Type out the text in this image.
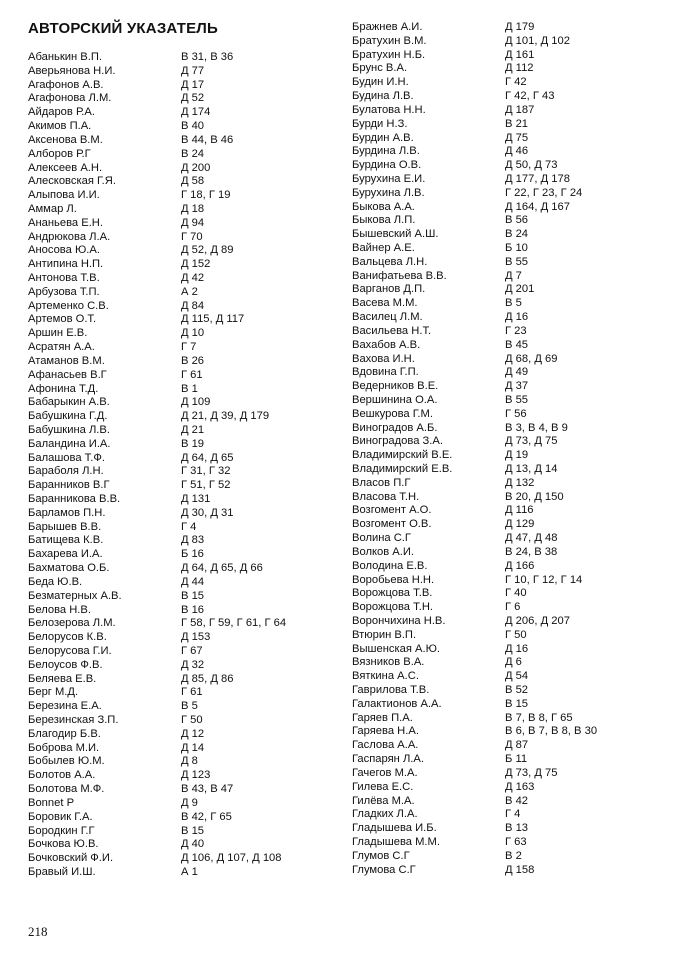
АВТОРСКИЙ УКАЗАТЕЛЬ
Абанькин В.П.	В 31, В 36
Аверьянова Н.И.	Д 77
Агафонов А.В.	Д 17
Агафонова Л.М.	Д 52
Айдаров Р.А.	Д 174
Акимов П.А.	В 40
Аксенова В.М.	В 44, В 46
Алборов Р.Г	В 24
Алексеев А.Н.	Д 200
Алесковская Г.Я.	Д 58
Алыпова И.И.	Г 18, Г 19
Аммар Л.	Д 18
Ананьева Е.Н.	Д 94
Андрюкова Л.А.	Г 70
Аносова Ю.А.	Д 52, Д 89
Антипина Н.П.	Д 152
Антонова Т.В.	Д 42
Арбузова Т.П.	А 2
Артеменко С.В.	Д 84
Артемов О.Т.	Д 115, Д 117
Аршин Е.В.	Д 10
Асратян А.А.	Г 7
Атаманов В.М.	В 26
Афанасьев В.Г	Г 61
Афонина Т.Д.	В 1
Бабарыкин А.В.	Д 109
Бабушкина Г.Д.	Д 21, Д 39, Д 179
Бабушкина Л.В.	Д 21
Баландина И.А.	В 19
Балашова Т.Ф.	Д 64, Д 65
Бараболя Л.Н.	Г 31, Г 32
Баранников В.Г	Г 51, Г 52
Баранникова В.В.	Д 131
Барламов П.Н.	Д 30, Д 31
Барышев В.В.	Г 4
Батищева К.В.	Д 83
Бахарева И.А.	Б 16
Бахматова О.Б.	Д 64, Д 65, Д 66
Беда Ю.В.	Д 44
Безматерных А.В.	В 15
Белова Н.В.	В 16
Белозерова Л.М.	Г 58, Г 59, Г 61, Г 64
Белорусов К.В.	Д 153
Белорусова Г.И.	Г 67
Белоусов Ф.В.	Д 32
Беляева Е.В.	Д 85, Д 86
Берг М.Д.	Г 61
Березина Е.А.	В 5
Березинская З.П.	Г 50
Благодир Б.В.	Д 12
Боброва М.И.	Д 14
Бобылев Ю.М.	Д 8
Болотов А.А.	Д 123
Болотова М.Ф.	В 43, В 47
Bonnet P	Д 9
Боровик Г.А.	В 42, Г 65
Бородкин Г.Г	В 15
Бочкова Ю.В.	Д 40
Бочковский Ф.И.	Д 106, Д 107, Д 108
Бравый И.Ш.	А 1
Бражнев А.И.	Д 179
Братухин В.М.	Д 101, Д 102
Братухин Н.Б.	Д 161
Брунс В.А.	Д 112
Будин И.Н.	Г 42
Будина Л.В.	Г 42, Г 43
Булатова Н.Н.	Д 187
Бурди Н.З.	В 21
Бурдин А.В.	Д 75
Бурдина Л.В.	Д 46
Бурдина О.В.	Д 50, Д 73
Бурухина Е.И.	Д 177, Д 178
Бурухина Л.В.	Г 22, Г 23, Г 24
Быкова А.А.	Д 164, Д 167
Быкова Л.П.	В 56
Бышевский А.Ш.	В 24
Вайнер А.Е.	Б 10
Вальцева Л.Н.	В 55
Ванифатьева В.В.	Д 7
Варганов Д.П.	Д 201
Васева М.М.	В 5
Василец Л.М.	Д 16
Васильева Н.Т.	Г 23
Вахабов А.В.	В 45
Вахова И.Н.	Д 68, Д 69
Вдовина Г.П.	Д 49
Ведерников В.Е.	Д 37
Вершинина О.А.	В 55
Вешкурова Г.М.	Г 56
Виноградов А.Б.	В 3, В 4, В 9
Виноградова З.А.	Д 73, Д 75
Владимирский В.Е.	Д 19
Владимирский Е.В.	Д 13, Д 14
Власов П.Г	Д 132
Власова Т.Н.	В 20, Д 150
Возгомент А.О.	Д 116
Возгомент О.В.	Д 129
Волина С.Г	Д 47, Д 48
Волков А.И.	В 24, В 38
Володина Е.В.	Д 166
Воробьева Н.Н.	Г 10, Г 12, Г 14
Ворожцова Т.В.	Г 40
Ворожцова Т.Н.	Г 6
Ворончихина Н.В.	Д 206, Д 207
Втюрин В.П.	Г 50
Вышенская А.Ю.	Д 16
Вязников В.А.	Д 6
Вяткина А.С.	Д 54
Гаврилова Т.В.	В 52
Галактионов А.А.	В 15
Гаряев П.А.	В 7, В 8, Г 65
Гаряева Н.А.	В 6, В 7, В 8, В 30
Гаслова А.А.	Д 87
Гаспарян Л.А.	Б 11
Гачегов М.А.	Д 73, Д 75
Гилева Е.С.	Д 163
Гилёва М.А.	В 42
Гладких Л.А.	Г 4
Гладышева И.Б.	В 13
Гладышева М.М.	Г 63
Глумов С.Г	В 2
Глумова С.Г	Д 158
218
